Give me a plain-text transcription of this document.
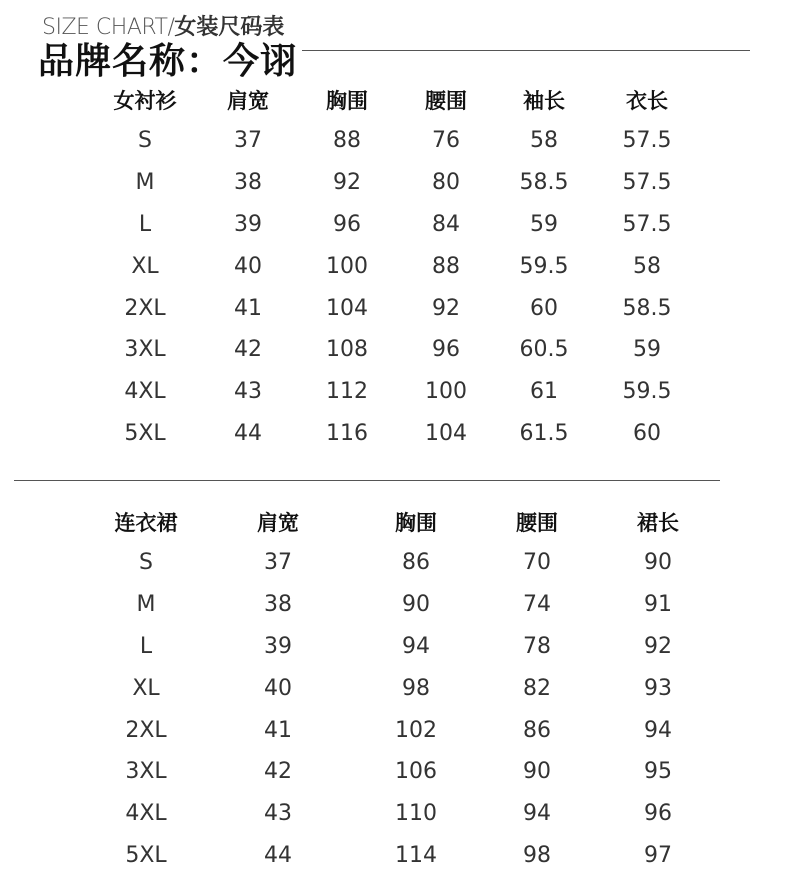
SIZE CHART/女装尺码表
品牌名称：今诩
女衬衫	肩宽	胸围	腰围	袖长	衣长
S	37	88	76	58	57.5
M	38	92	80	58.5	57.5
L	39	96	84	59	57.5
XL	40	100	88	59.5	58
2XL	41	104	92	60	58.5
3XL	42	108	96	60.5	59
4XL	43	112	100	61	59.5
5XL	44	116	104	61.5	60
连衣裙	肩宽	胸围	腰围	裙长
S	37	86	70	90
M	38	90	74	91
L	39	94	78	92
XL	40	98	82	93
2XL	41	102	86	94
3XL	42	106	90	95
4XL	43	110	94	96
5XL	44	114	98	97
